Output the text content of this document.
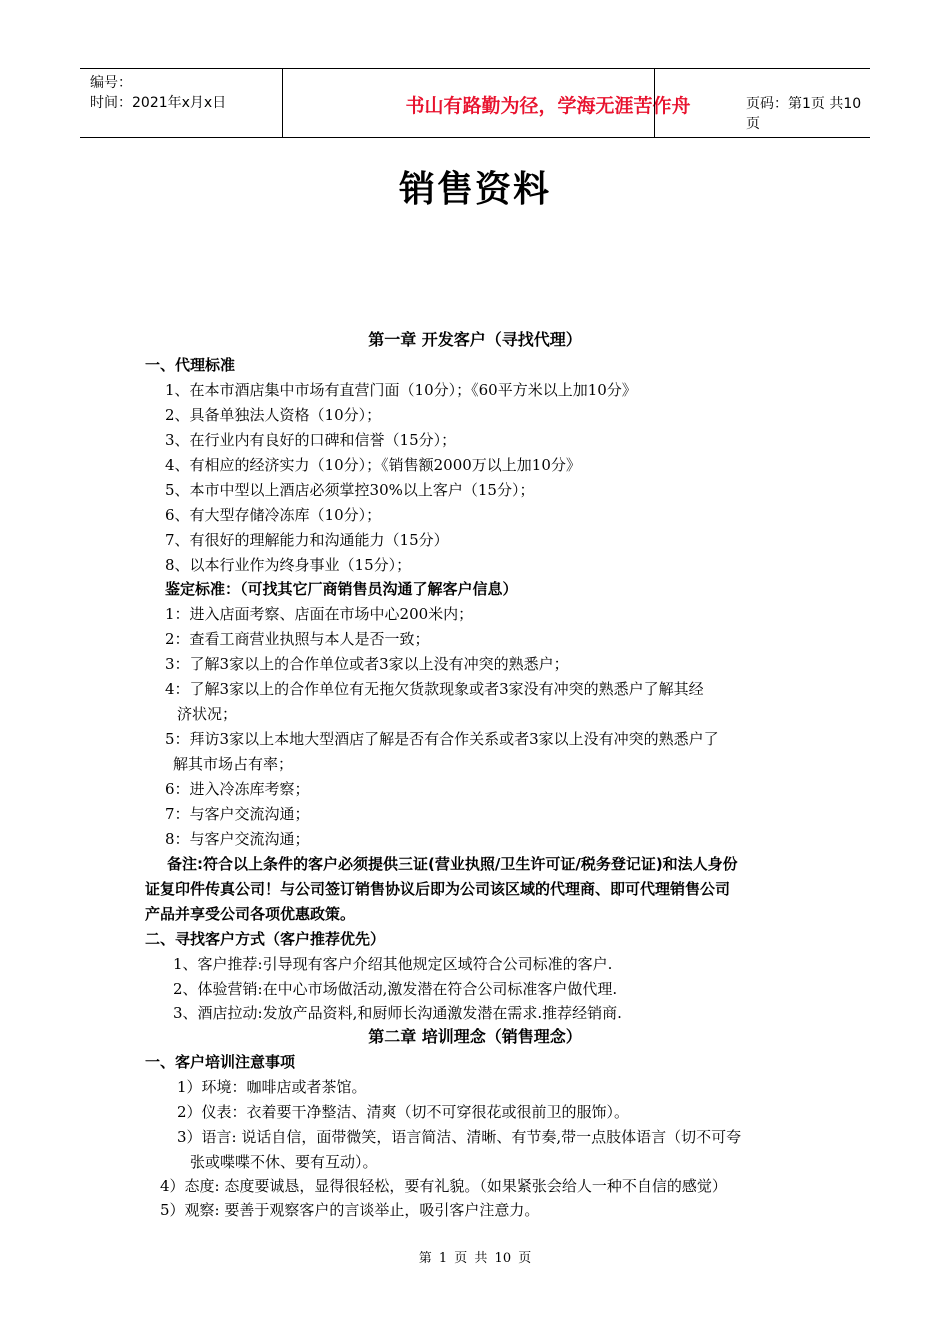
编号：
时间：2021年x月x日	书山有路勤为径，学海无涯苦作舟	页码：第1页 共10页
销售资料
第一章 开发客户（寻找代理）
一、代理标准
1、在本市酒店集中市场有直营门面（10分）；《60平方米以上加10分》
2、具备单独法人资格（10分）；
3、在行业内有良好的口碑和信誉（15分）；
4、有相应的经济实力（10分）；《销售额2000万以上加10分》
5、本市中型以上酒店必须掌控30%以上客户（15分）；
6、有大型存储冷冻库（10分）；
7、有很好的理解能力和沟通能力（15分）
8、以本行业作为终身事业（15分）；
鉴定标准：（可找其它厂商销售员沟通了解客户信息）
1：进入店面考察、店面在市场中心200米内；
2：查看工商营业执照与本人是否一致；
3：了解3家以上的合作单位或者3家以上没有冲突的熟悉户；
4：了解3家以上的合作单位有无拖欠货款现象或者3家没有冲突的熟悉户了解其经
济状况；
5：拜访3家以上本地大型酒店了解是否有合作关系或者3家以上没有冲突的熟悉户了
解其市场占有率；
6：进入冷冻库考察；
7：与客户交流沟通；
8：与客户交流沟通；
备注:符合以上条件的客户必须提供三证(营业执照/卫生许可证/税务登记证)和法人身份
证复印件传真公司！与公司签订销售协议后即为公司该区域的代理商、即可代理销售公司
产品并享受公司各项优惠政策。
二、寻找客户方式（客户推荐优先）
1、客户推荐:引导现有客户介绍其他规定区域符合公司标准的客户.
2、体验营销:在中心市场做活动,激发潜在符合公司标准客户做代理.
3、酒店拉动:发放产品资料,和厨师长沟通激发潜在需求.推荐经销商.
第二章 培训理念（销售理念）
一、客户培训注意事项
1）环境：咖啡店或者茶馆。
2）仪表：衣着要干净整洁、清爽（切不可穿很花或很前卫的服饰）。
3）语言: 说话自信，面带微笑，语言简洁、清晰、有节奏,带一点肢体语言（切不可夸
张或喋喋不休、要有互动）。
4）态度: 态度要诚恳，显得很轻松，要有礼貌。（如果紧张会给人一种不自信的感觉）
5）观察: 要善于观察客户的言谈举止，吸引客户注意力。
第 1 页 共 10 页
